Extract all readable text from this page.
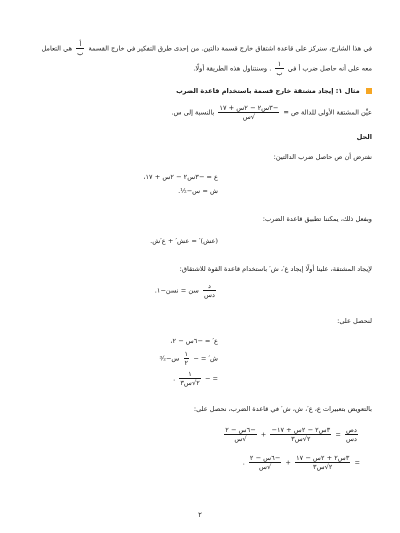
في هذا الشارح، سنركز على قاعدة اشتقاق خارج قسمة دالتين. من إحدى طرق التفكير في خارج القسمة
$\frac{\text{أ}}{\text{ب}}$
هي التعامل
معه على أنه حاصل ضرب أ في
$\frac{١}{\text{ب}}$
. وسنتناول هذه الطريقة أولًا.
مثال ١: إيجاد مشتقة خارج قسمة باستخدام قاعدة الضرب
عيِّن المشتقة الأولى للدالة ص =
$\frac{\text{−٣س٢ − ٢س + ١٧}}{\text{√س}}$
بالنسبة إلى س.
الحل
نفترض أن ص حاصل ضرب الدالتين:
ع = −٣س٢ − ٢س + ١٧،
ش = س−½.
وبفعل ذلك، يمكننا تطبيق قاعدة الضرب:
(عش)′ = عش′ + ع′ش.
لإيجاد المشتقة، علينا أولًا إيجاد ع′، ش′ باستخدام قاعدة القوة للاشتقاق:
$\frac{\text{د}}{\text{دس}}$
سن = نسن−١.
لنحصل على:
ع′ = −٦س − ٢،
ش′ = −
$\frac{١}{٢}$
س−³⁄₂
= −
$\frac{١}{\text{٢√س٣}}$
.
بالتعويض بتعبيرات ع، ع′، ش، ش′ في قاعدة الضرب، نحصل على:
$\frac{\text{دص}}{\text{دس}}$
=
$\frac{\text{٣س٢ − ٢س + ١٧−}}{\text{٢√س٣}}$
+
$\frac{\text{−٦س − ٢}}{\text{√س}}$
=
$\frac{\text{٣س٢ + ٢س − ١٧}}{\text{٢√س٣}}$
+
$\frac{\text{−٦س − ٢}}{\text{√س}}$
.
٢
